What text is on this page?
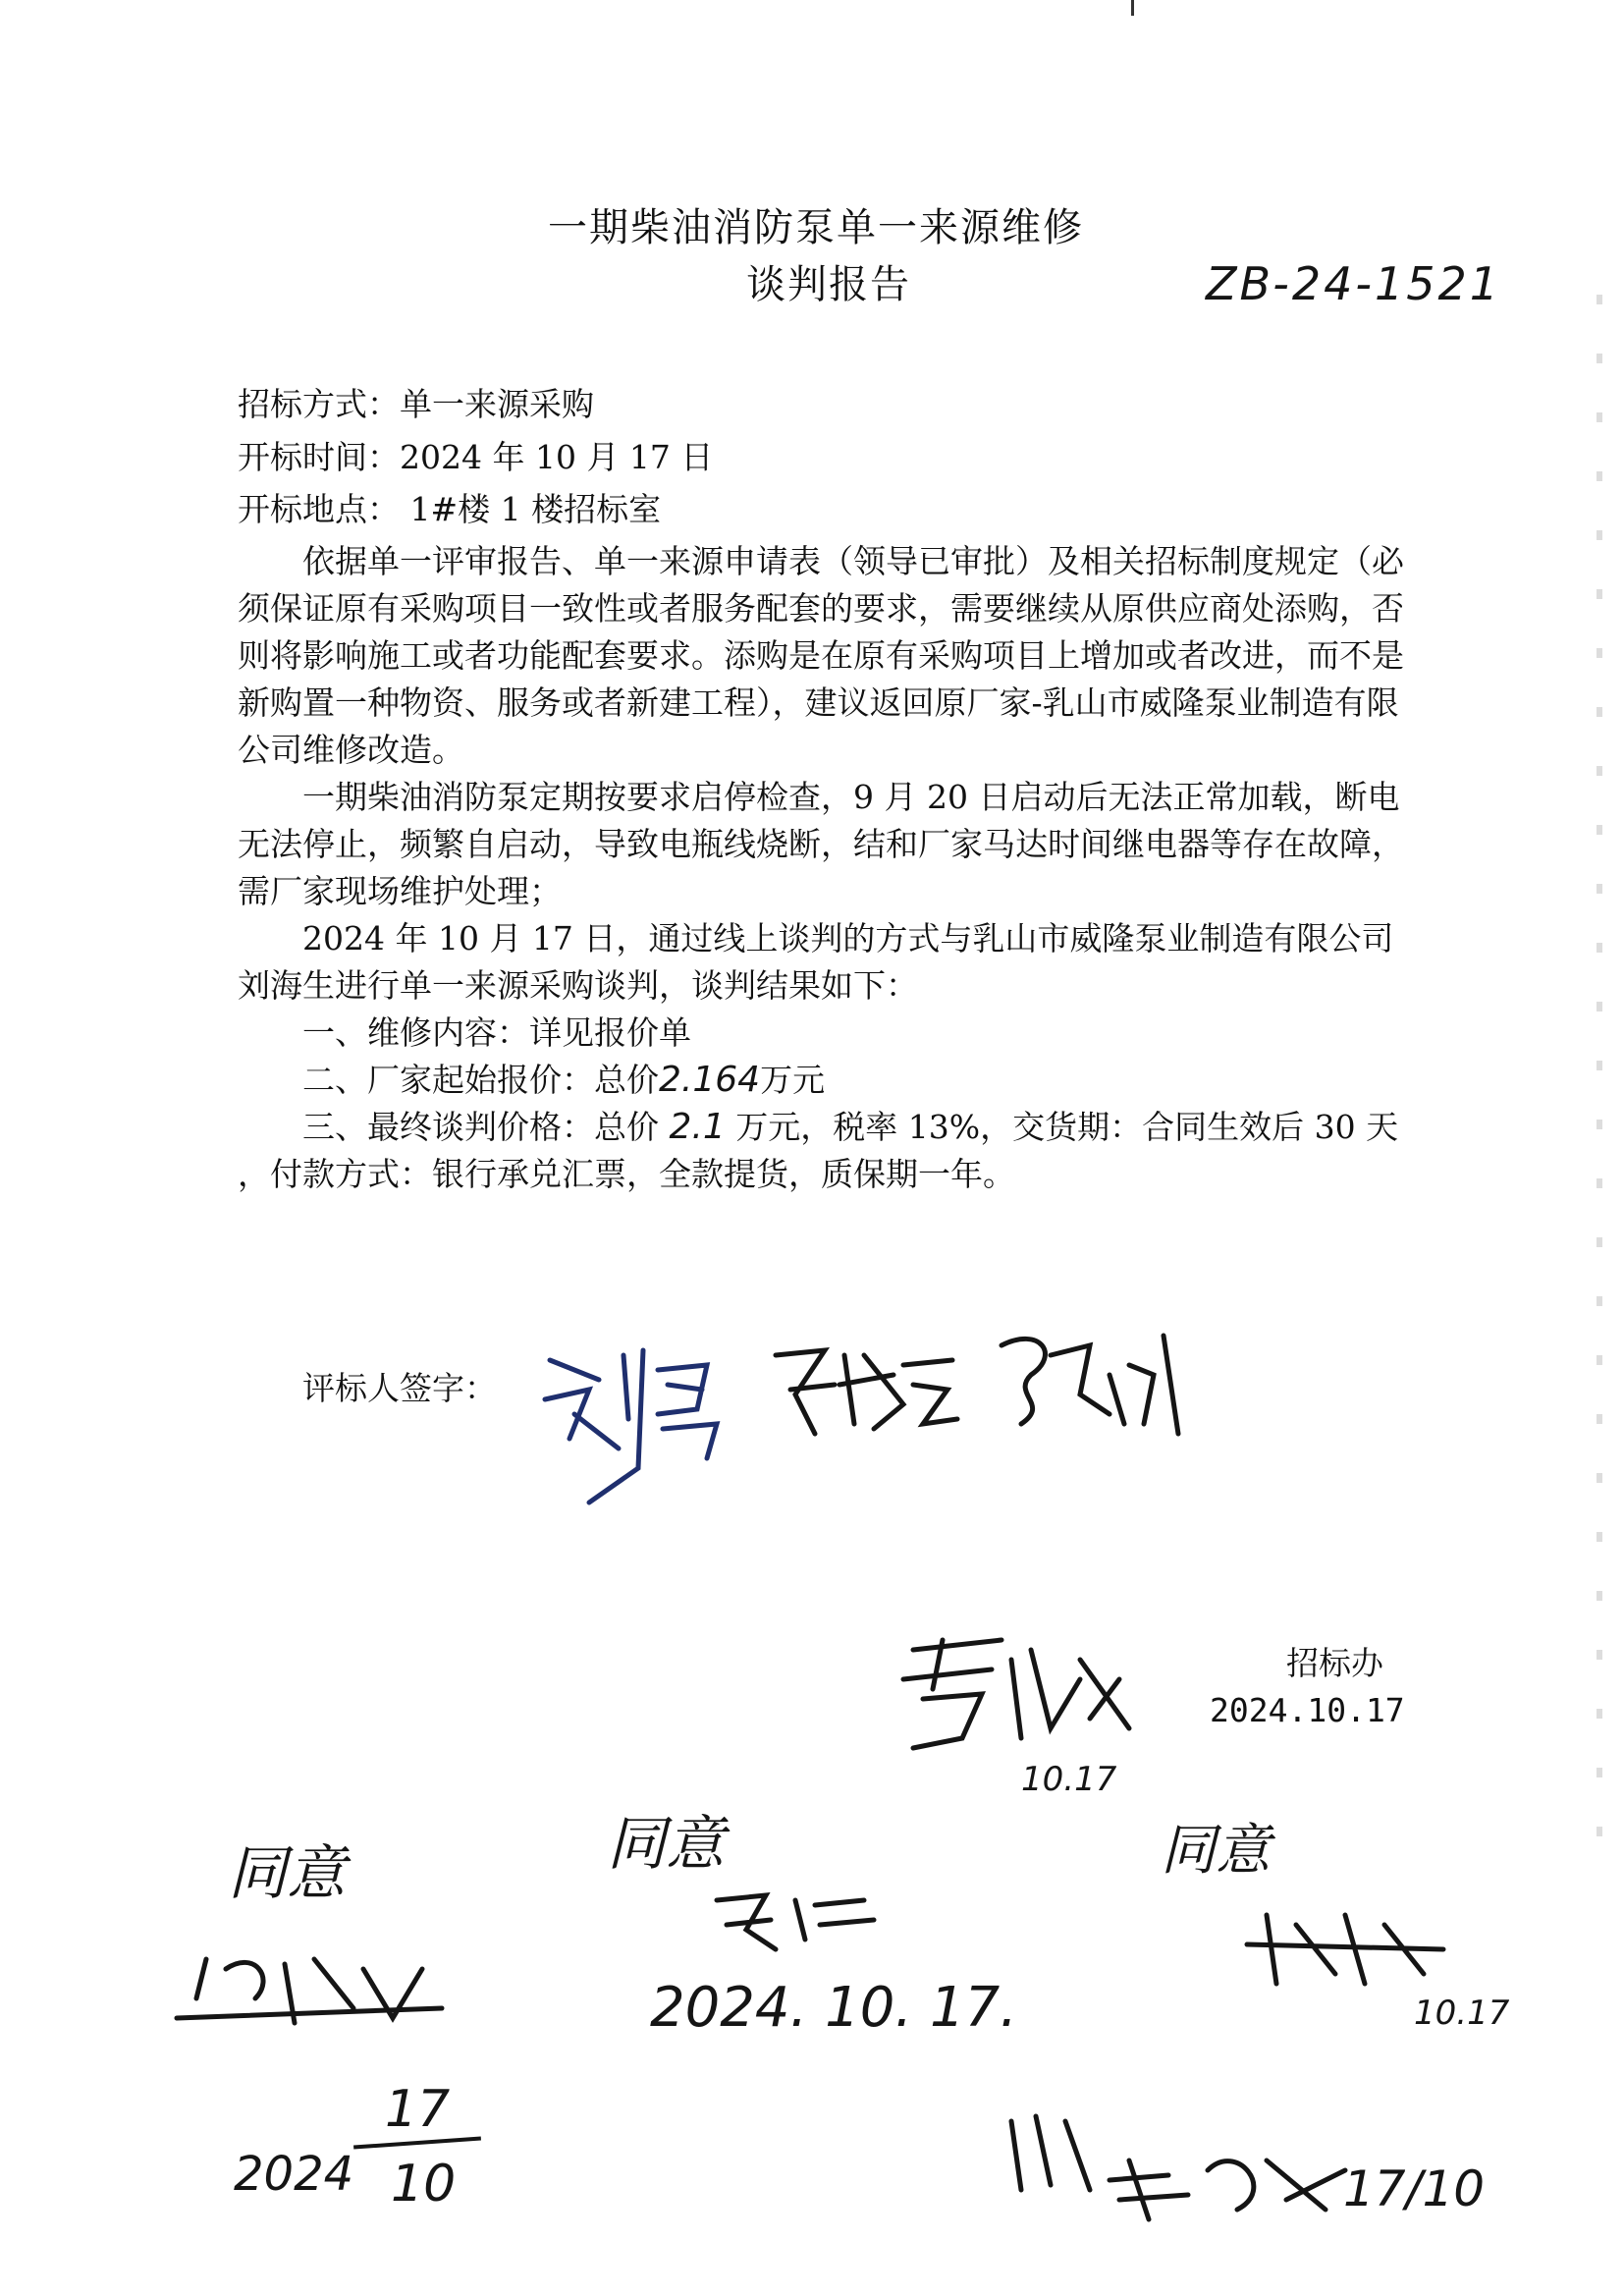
一期柴油消防泵单一来源维修
谈判报告	ZB-24-1521
招标方式：单一来源采购
开标时间：2024 年 10 月 17 日
开标地点： 1#楼 1 楼招标室

依据单一评审报告、单一来源申请表（领导已审批）及相关招标制度规定（必须保证原有采购项目一致性或者服务配套的要求，需要继续从原供应商处添购，否则将影响施工或者功能配套要求。添购是在原有采购项目上增加或者改进，而不是新购置一种物资、服务或者新建工程），建议返回原厂家-乳山市威隆泵业制造有限公司维修改造。

一期柴油消防泵定期按要求启停检查，9 月 20 日启动后无法正常加载，断电无法停止，频繁自启动，导致电瓶线烧断，结和厂家马达时间继电器等存在故障，需厂家现场维护处理；

2024 年 10 月 17 日，通过线上谈判的方式与乳山市威隆泵业制造有限公司刘海生进行单一来源采购谈判，谈判结果如下：

一、维修内容：详见报价单

二、厂家起始报价：总价2.164万元

三、最终谈判价格：总价 2.1 万元，税率 13%，交货期：合同生效后 30 天 ，付款方式：银行承兑汇票，全款提货，质保期一年。

评标人签字：
招标办
2024.10.17
10.17
同意	同意	同意
2024. 10. 17.	10.17
2024
17
10	17/10
